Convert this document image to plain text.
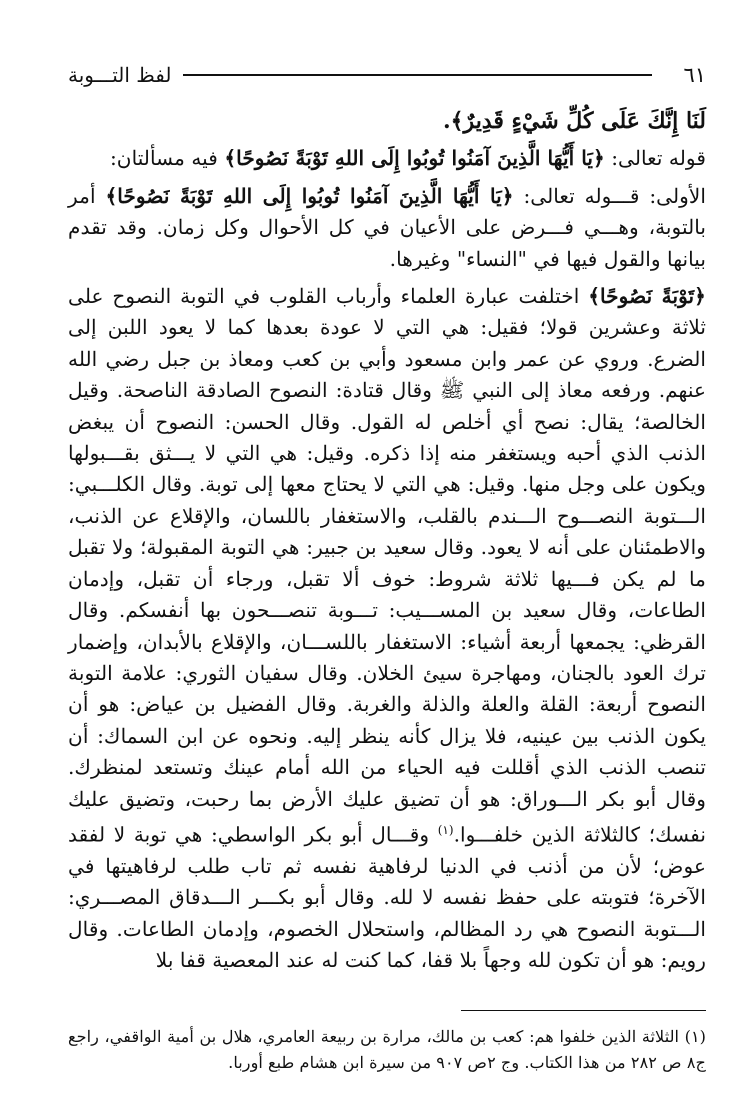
٦١
لفظ التـــوبة

لَنَا إِنَّكَ عَلَى كُلِّ شَيْءٍ قَدِيرٌ﴾.

قوله تعالى: ﴿يَا أَيُّهَا الَّذِينَ آمَنُوا تُوبُوا إِلَى اللهِ تَوْبَةً نَصُوحًا﴾ فيه مسألتان:

الأولى: قـــوله تعالى: ﴿يَا أَيُّهَا الَّذِينَ آمَنُوا تُوبُوا إِلَى اللهِ تَوْبَةً نَصُوحًا﴾ أمر بالتوبة، وهـــي فـــرض على الأعيان في كل الأحوال وكل زمان. وقد تقدم بيانها والقول فيها في "النساء" وغيرها.

﴿تَوْبَةً نَصُوحًا﴾ اختلفت عبارة العلماء وأرباب القلوب في التوبة النصوح على ثلاثة وعشرين قولا؛ فقيل: هي التي لا عودة بعدها كما لا يعود اللبن إلى الضرع. وروي عن عمر وابن مسعود وأبي بن كعب ومعاذ بن جبل رضي الله عنهم. ورفعه معاذ إلى النبي ﷺ وقال قتادة: النصوح الصادقة الناصحة. وقيل الخالصة؛ يقال: نصح أي أخلص له القول. وقال الحسن: النصوح أن يبغض الذنب الذي أحبه ويستغفر منه إذا ذكره. وقيل: هي التي لا يـــثق بقـــبولها ويكون على وجل منها. وقيل: هي التي لا يحتاج معها إلى توبة. وقال الكلـــبي: الـــتوبة النصـــوح الـــندم بالقلب، والاستغفار باللسان، والإقلاع عن الذنب، والاطمئنان على أنه لا يعود. وقال سعيد بن جبير: هي التوبة المقبولة؛ ولا تقبل ما لم يكن فـــيها ثلاثة شروط: خوف ألا تقبل، ورجاء أن تقبل، وإدمان الطاعات، وقال سعيد بن المســـيب: تـــوبة تنصـــحون بها أنفسكم. وقال القرظي: يجمعها أربعة أشياء: الاستغفار باللســـان، والإقلاع بالأبدان، وإضمار ترك العود بالجنان، ومهاجرة سيئ الخلان. وقال سفيان الثوري: علامة التوبة النصوح أربعة: القلة والعلة والذلة والغربة. وقال الفضيل بن عياض: هو أن يكون الذنب بين عينيه، فلا يزال كأنه ينظر إليه. ونحوه عن ابن السماك: أن تنصب الذنب الذي أقللت فيه الحياء من الله أمام عينك وتستعد لمنظرك. وقال أبو بكر الـــوراق: هو أن تضيق عليك الأرض بما رحبت، وتضيق عليك نفسك؛ كالثلاثة الذين خلفـــوا.$^{(١)}$ وقـــال أبو بكر الواسطي: هي توبة لا لفقد عوض؛ لأن من أذنب في الدنيا لرفاهية نفسه ثم تاب طلب لرفاهيتها في الآخرة؛ فتوبته على حفظ نفسه لا لله. وقال أبو بكـــر الـــدقاق المصـــري: الـــتوبة النصوح هي رد المظالم، واستحلال الخصوم، وإدمان الطاعات. وقال رويم: هو أن تكون لله وجهاً بلا قفا، كما كنت له عند المعصية قفا بلا

(١) الثلاثة الذين خلفوا هم: كعب بن مالك، مرارة بن ربيعة العامري، هلال بن أمية الواقفي، راجع ج٨ ص ٢٨٢ من هذا الكتاب. وج ٢ص ٩٠٧ من سيرة ابن هشام طبع أوربا.
